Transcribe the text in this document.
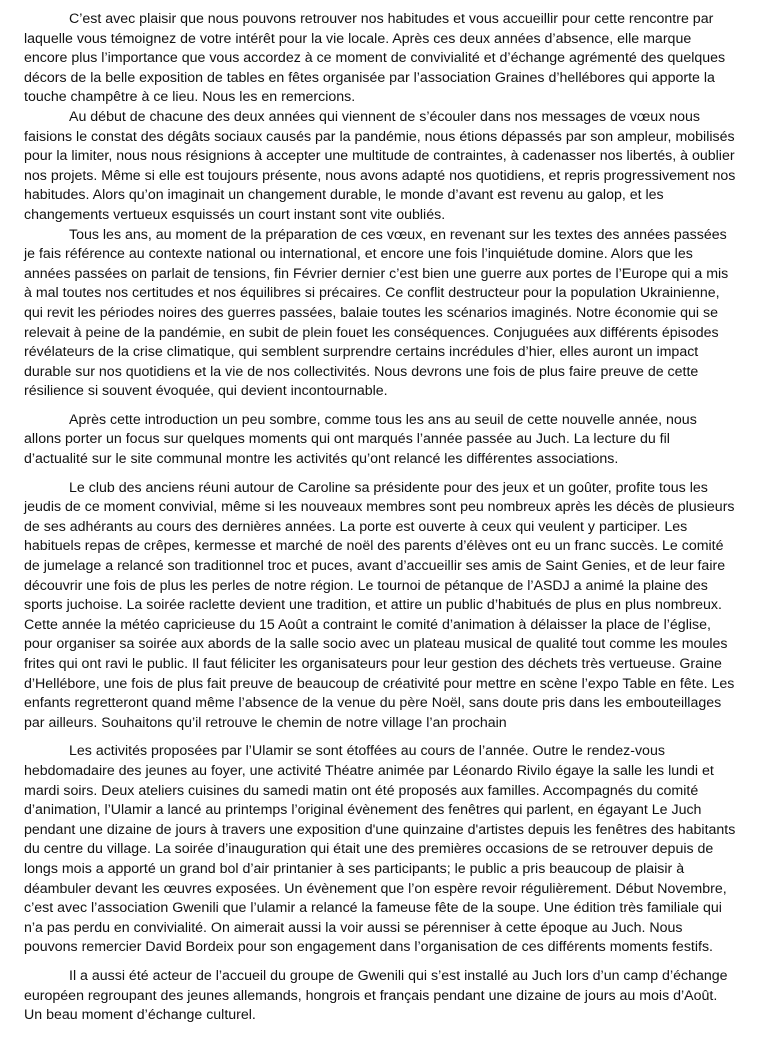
C’est avec plaisir que nous pouvons retrouver nos habitudes et vous accueillir pour cette rencontre par laquelle vous témoignez de votre intérêt pour la vie locale. Après ces deux années d’absence, elle marque encore plus l’importance que vous accordez à ce moment de convivialité et d’échange agrémenté des quelques décors de la belle exposition de tables en fêtes organisée par l’association Graines d’hellébores qui apporte la touche champêtre à ce lieu. Nous les en remercions.

Au début de chacune des deux années qui viennent de s’écouler dans nos messages de vœux nous faisions le constat des dégâts sociaux causés par la pandémie, nous étions dépassés par son ampleur, mobilisés pour la limiter, nous nous résignions à accepter une multitude de contraintes, à cadenasser nos libertés, à oublier nos projets. Même si elle est toujours présente, nous avons adapté nos quotidiens, et repris progressivement nos habitudes. Alors qu’on imaginait un changement durable, le monde d’avant est revenu au galop, et les changements vertueux esquissés un court instant sont vite oubliés.

Tous les ans, au moment de la préparation de ces vœux, en revenant sur les textes des années passées je fais référence au contexte national ou international, et encore une fois l’inquiétude domine. Alors que les années passées on parlait de tensions, fin Février dernier c’est bien une guerre aux portes de l’Europe qui a mis à mal toutes nos certitudes et nos équilibres si précaires. Ce conflit destructeur pour la population Ukrainienne, qui revit les périodes noires des guerres passées, balaie toutes les scénarios imaginés. Notre économie qui se relevait à peine de la pandémie, en subit de plein fouet les conséquences. Conjuguées aux différents épisodes révélateurs de la crise climatique, qui semblent surprendre certains incrédules d’hier, elles auront un impact durable sur nos quotidiens et la vie de nos collectivités. Nous devrons une fois de plus faire preuve de cette résilience si souvent évoquée, qui devient incontournable.

Après cette introduction un peu sombre, comme tous les ans au seuil de cette nouvelle année, nous allons porter un focus sur quelques moments qui ont marqués l’année passée au Juch. La lecture du fil d’actualité sur le site communal montre les activités qu’ont relancé les différentes associations.

Le club des anciens réuni autour de Caroline sa présidente pour des jeux et un goûter, profite tous les jeudis de ce moment convivial, même si les nouveaux membres sont peu nombreux après les décès de plusieurs de ses adhérants au cours des dernières années. La porte est ouverte à ceux qui veulent y participer. Les habituels repas de crêpes, kermesse et marché de noël des parents d’élèves ont eu un franc succès. Le comité de jumelage a relancé son traditionnel troc et puces, avant d’accueillir ses amis de Saint Genies, et de leur faire découvrir une fois de plus les perles de notre région. Le tournoi de pétanque de l’ASDJ a animé la plaine des sports juchoise. La soirée raclette devient une tradition, et attire un public d’habitués de plus en plus nombreux. Cette année la météo capricieuse du 15 Août a contraint le comité d’animation à délaisser la place de l’église, pour organiser sa soirée aux abords de la salle socio avec un plateau musical de qualité tout comme les moules frites qui ont ravi le public. Il faut féliciter les organisateurs pour leur gestion des déchets très vertueuse. Graine d’Hellébore, une fois de plus fait preuve de beaucoup de créativité pour mettre en scène l’expo Table en fête. Les enfants regretteront quand même l’absence de la venue du père Noël, sans doute pris dans les embouteillages par ailleurs. Souhaitons qu’il retrouve le chemin de notre village l’an prochain

Les activités proposées par l’Ulamir se sont étoffées au cours de l’année. Outre le rendez-vous hebdomadaire des jeunes au foyer, une activité Théatre animée par Léonardo Rivilo égaye la salle les lundi et mardi soirs. Deux ateliers cuisines du samedi matin ont été proposés aux familles. Accompagnés du comité d’animation, l’Ulamir a lancé au printemps l’original évènement des fenêtres qui parlent, en égayant Le Juch pendant une dizaine de jours à travers une exposition d'une quinzaine d'artistes depuis les fenêtres des habitants du centre du village. La soirée d’inauguration qui était une des premières occasions de se retrouver depuis de longs mois a apporté un grand bol d’air printanier à ses participants; le public a pris beaucoup de plaisir à déambuler devant les œuvres exposées. Un évènement que l’on espère revoir régulièrement. Début Novembre, c’est avec l’association Gwenili que l’ulamir a relancé la fameuse fête de la soupe. Une édition très familiale qui n’a pas perdu en convivialité. On aimerait aussi la voir aussi se pérenniser à cette époque au Juch. Nous pouvons remercier David Bordeix pour son engagement dans l’organisation de ces différents moments festifs.

Il a aussi été acteur de l’accueil du groupe de Gwenili qui s’est installé au Juch lors d’un camp d’échange européen regroupant des jeunes allemands, hongrois et français pendant une dizaine de jours au mois d’Août. Un beau moment d’échange culturel.
